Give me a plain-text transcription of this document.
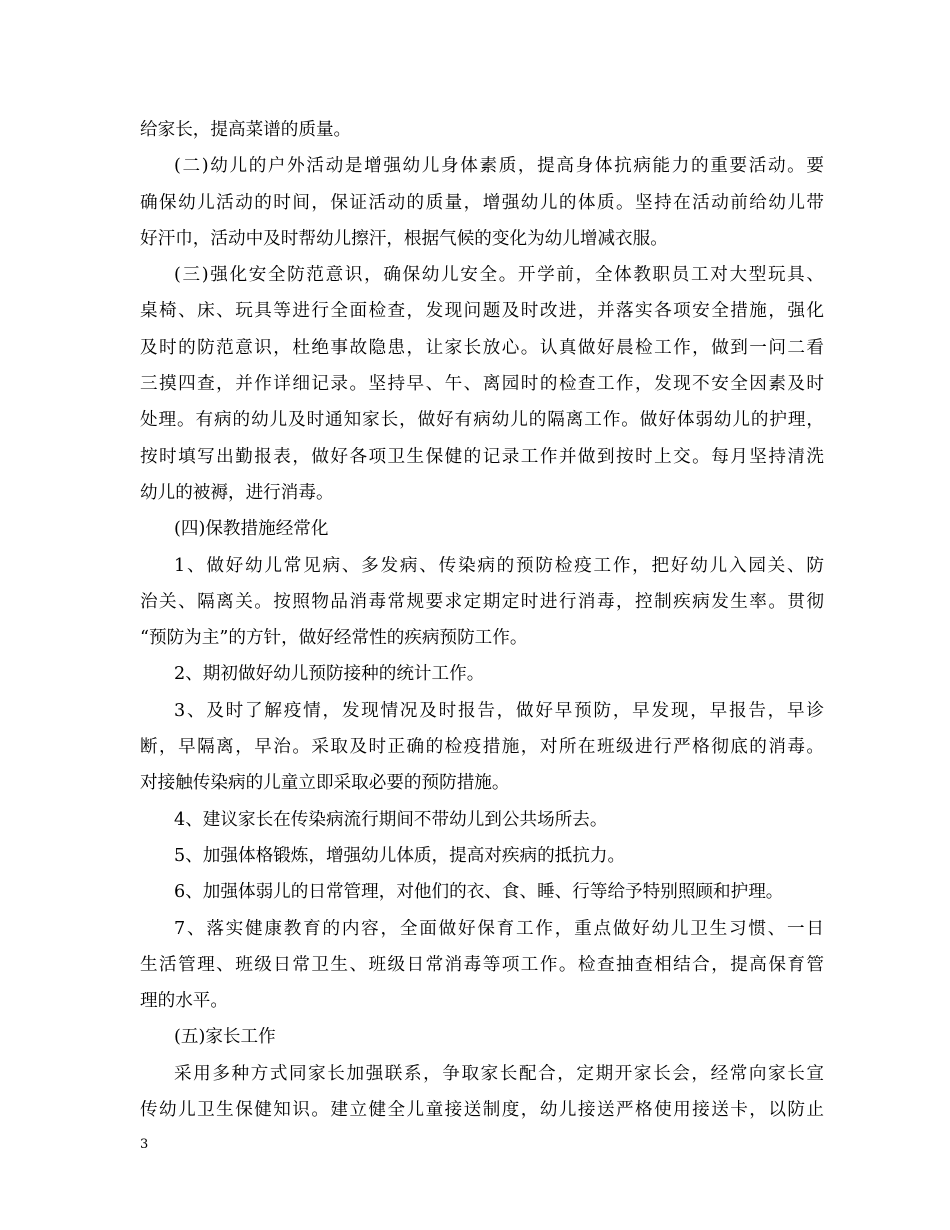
给家长，提高菜谱的质量。
(二)幼儿的户外活动是增强幼儿身体素质，提高身体抗病能力的重要活动。要
确保幼儿活动的时间，保证活动的质量，增强幼儿的体质。坚持在活动前给幼儿带
好汗巾，活动中及时帮幼儿擦汗，根据气候的变化为幼儿增减衣服。
(三)强化安全防范意识，确保幼儿安全。开学前，全体教职员工对大型玩具、
桌椅、床、玩具等进行全面检查，发现问题及时改进，并落实各项安全措施，强化
及时的防范意识，杜绝事故隐患，让家长放心。认真做好晨检工作，做到一问二看
三摸四查，并作详细记录。坚持早、午、离园时的检查工作，发现不安全因素及时
处理。有病的幼儿及时通知家长，做好有病幼儿的隔离工作。做好体弱幼儿的护理，
按时填写出勤报表，做好各项卫生保健的记录工作并做到按时上交。每月坚持清洗
幼儿的被褥，进行消毒。
(四)保教措施经常化
1、做好幼儿常见病、多发病、传染病的预防检疫工作，把好幼儿入园关、防
治关、隔离关。按照物品消毒常规要求定期定时进行消毒，控制疾病发生率。贯彻
“预防为主”的方针，做好经常性的疾病预防工作。
2、期初做好幼儿预防接种的统计工作。
3、及时了解疫情，发现情况及时报告，做好早预防，早发现，早报告，早诊
断，早隔离，早治。采取及时正确的检疫措施，对所在班级进行严格彻底的消毒。
对接触传染病的儿童立即采取必要的预防措施。
4、建议家长在传染病流行期间不带幼儿到公共场所去。
5、加强体格锻炼，增强幼儿体质，提高对疾病的抵抗力。
6、加强体弱儿的日常管理，对他们的衣、食、睡、行等给予特别照顾和护理。
7、落实健康教育的内容，全面做好保育工作，重点做好幼儿卫生习惯、一日
生活管理、班级日常卫生、班级日常消毒等项工作。检查抽查相结合，提高保育管
理的水平。
(五)家长工作
采用多种方式同家长加强联系，争取家长配合，定期开家长会，经常向家长宣
传幼儿卫生保健知识。建立健全儿童接送制度，幼儿接送严格使用接送卡，以防止
3
